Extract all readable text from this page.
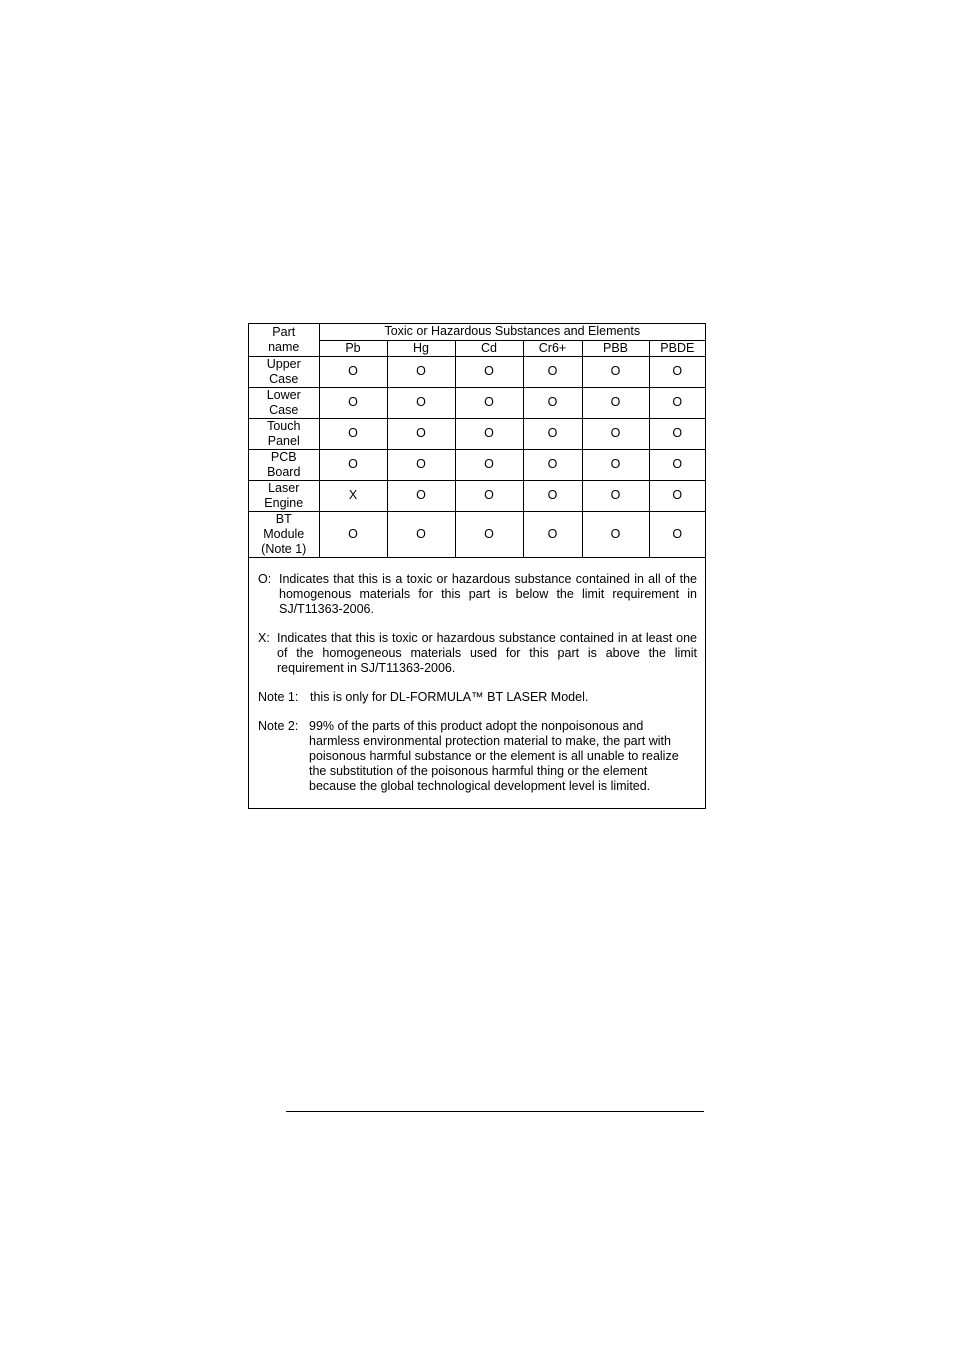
Part
name	Toxic or Hazardous Substances and Elements					
	Pb	Hg	Cd	Cr6+	PBB	PBDE
Upper
Case	O	O	O	O	O	O
Lower
Case	O	O	O	O	O	O
Touch
Panel	O	O	O	O	O	O
PCB
Board	O	O	O	O	O	O
Laser
Engine	X	O	O	O	O	O
BT
Module
(Note 1)	O	O	O	O	O	O
O: Indicates that this is a toxic or hazardous substance contained in all of the homogenous materials for this part is below the limit requirement in SJ/T11363-2006.
X: Indicates that this is toxic or hazardous substance contained in at least one of the homogeneous materials used for this part is above the limit requirement in SJ/T11363-2006.
Note 1: this is only for DL-FORMULA™ BT LASER Model.
Note 2: 99% of the parts of this product adopt the nonpoisonous and harmless environmental protection material to make, the part with poisonous harmful substance or the element is all unable to realize the substitution of the poisonous harmful thing or the element because the global technological development level is limited.
